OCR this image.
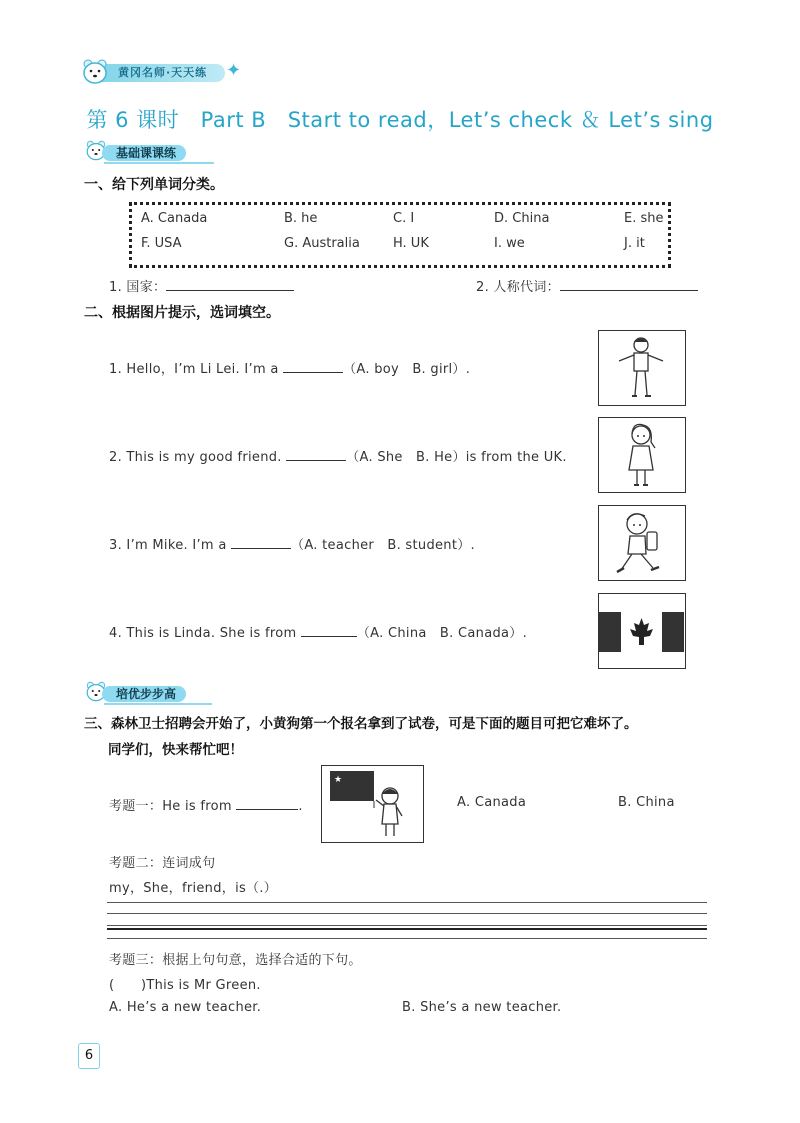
黄冈名师·天天练 ✦
第 6 课时　Part B　Start to read，Let’s check ＆ Let’s sing
基础课课练
一、给下列单词分类。
A. Canada	B. he	C. I	D. China	E. she
F. USA	G. Australia	H. UK	I. we	J. it
1. 国家：	2. 人称代词：
二、根据图片提示，选词填空。
1. Hello，I’m Li Lei. I’m a	（A. boy　B. girl）.
2. This is my good friend.	（A. She　B. He）is from the UK.
3. I’m Mike. I’m a	（A. teacher　B. student）.
4. This is Linda. She is from	（A. China　B. Canada）.
培优步步高
三、森林卫士招聘会开始了，小黄狗第一个报名拿到了试卷，可是下面的题目可把它难坏了。
同学们，快来帮忙吧！
考题一：He is from	.
★
A. Canada	B. China
考题二：连词成句
my，She，friend，is（.）
考题三：根据上句句意，选择合适的下句。
(　　)This is Mr Green.
A. He’s a new teacher.	B. She’s a new teacher.
6
